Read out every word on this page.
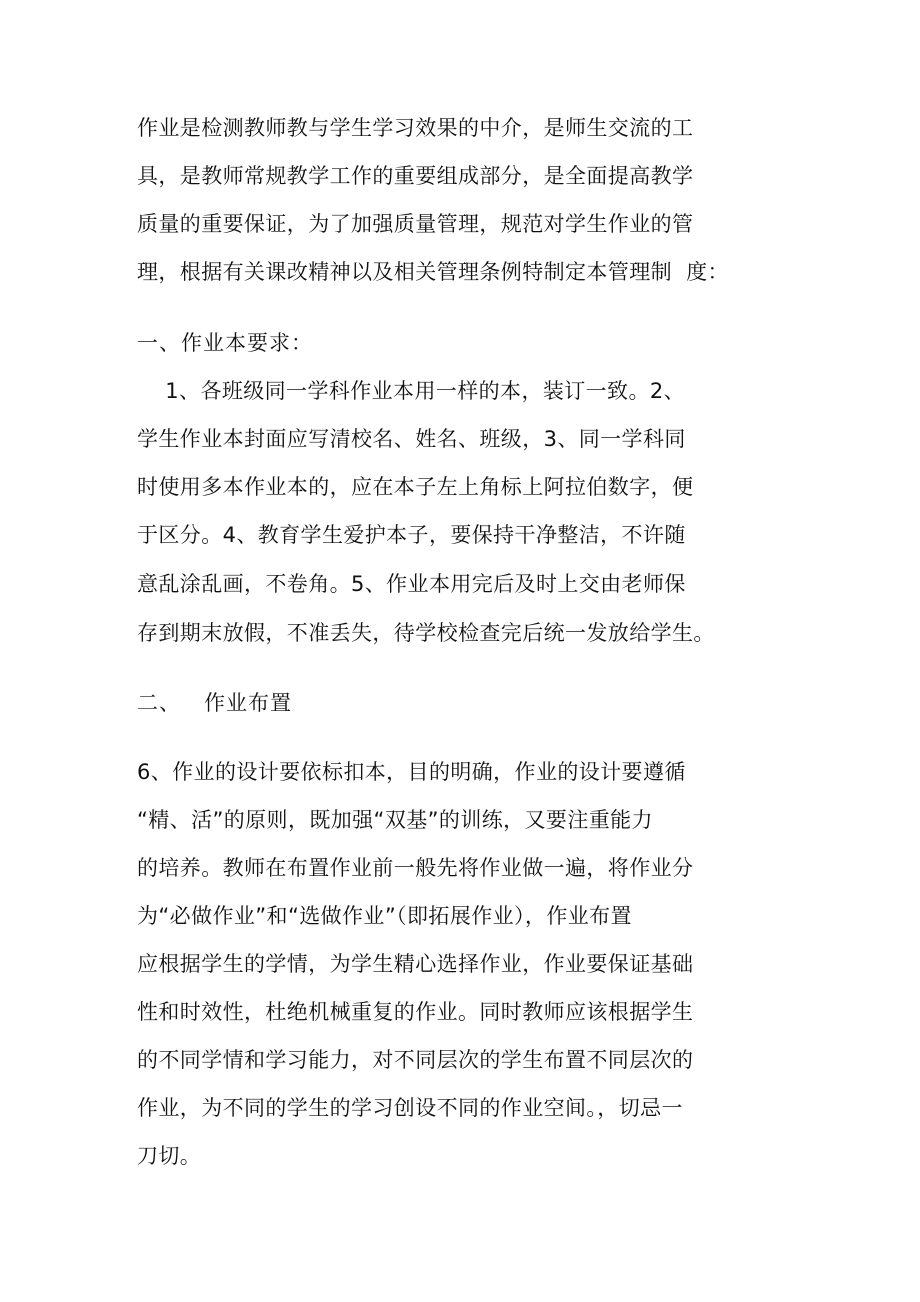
作业是检测教师教与学生学习效果的中介，是师生交流的工
具，是教师常规教学工作的重要组成部分，是全面提高教学
质量的重要保证，为了加强质量管理，规范对学生作业的管
理，根据有关课改精神以及相关管理条例特制定本管理制  度：
一、作业本要求：
1、各班级同一学科作业本用一样的本，装订一致。2、
学生作业本封面应写清校名、姓名、班级，3、同一学科同
时使用多本作业本的，应在本子左上角标上阿拉伯数字，便
于区分。4、教育学生爱护本子，要保持干净整洁，不许随
意乱涂乱画，不卷角。5、作业本用完后及时上交由老师保
存到期末放假，不准丢失，待学校检查完后统一发放给学生。
二、   作业布置
6、作业的设计要依标扣本，目的明确，作业的设计要遵循
“精、活”的原则，既加强“双基”的训练，又要注重能力
的培养。教师在布置作业前一般先将作业做一遍，将作业分
为“必做作业”和“选做作业”（即拓展作业），作业布置
应根据学生的学情，为学生精心选择作业，作业要保证基础
性和时效性，杜绝机械重复的作业。同时教师应该根据学生
的不同学情和学习能力，对不同层次的学生布置不同层次的
作业，为不同的学生的学习创设不同的作业空间。，切忌一
刀切。
